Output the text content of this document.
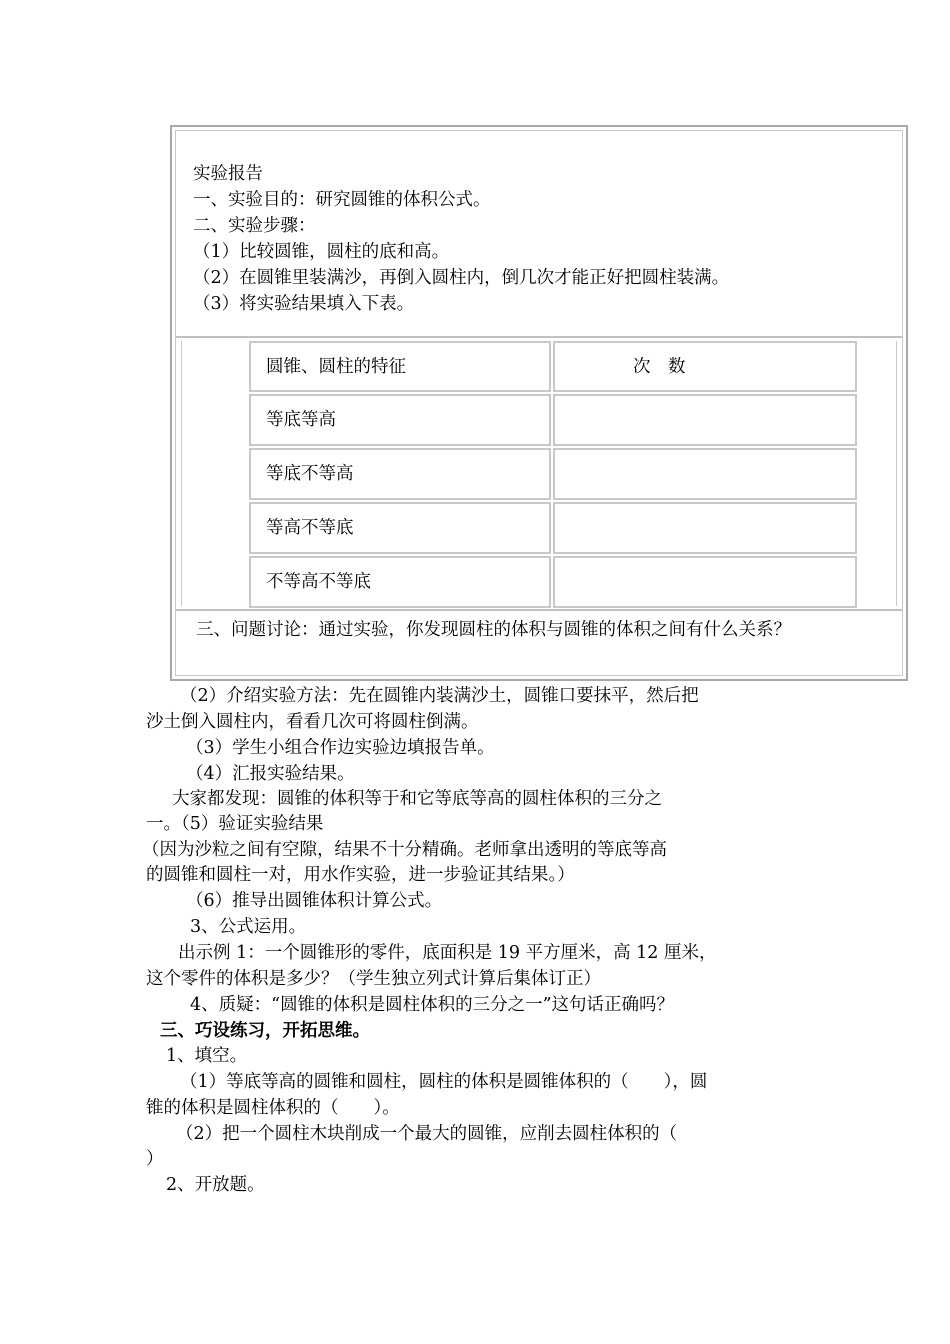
实验报告
一、实验目的：研究圆锥的体积公式。
二、实验步骤：
（1）比较圆锥，圆柱的底和高。
（2）在圆锥里装满沙，再倒入圆柱内，倒几次才能正好把圆柱装满。
（3）将实验结果填入下表。
圆锥、圆柱的特征	次　数
等底等高
等底不等高
等高不等底
不等高不等底
三、问题讨论：通过实验，你发现圆柱的体积与圆锥的体积之间有什么关系？
（2）介绍实验方法：先在圆锥内装满沙土，圆锥口要抹平，然后把
沙土倒入圆柱内，看看几次可将圆柱倒满。
（3）学生小组合作边实验边填报告单。
（4）汇报实验结果。
大家都发现：圆锥的体积等于和它等底等高的圆柱体积的三分之
一。（5）验证实验结果
（因为沙粒之间有空隙，结果不十分精确。老师拿出透明的等底等高
的圆锥和圆柱一对，用水作实验，进一步验证其结果。）
（6）推导出圆锥体积计算公式。
3、公式运用。
出示例 1：一个圆锥形的零件，底面积是 19 平方厘米，高 12 厘米，
这个零件的体积是多少？（学生独立列式计算后集体订正）
4、质疑：“圆锥的体积是圆柱体积的三分之一”这句话正确吗？
三、巧设练习，开拓思维。
1、填空。
（1）等底等高的圆锥和圆柱，圆柱的体积是圆锥体积的（　　），圆
锥的体积是圆柱体积的（　　）。
（2）把一个圆柱木块削成一个最大的圆锥，应削去圆柱体积的（
）
2、开放题。
